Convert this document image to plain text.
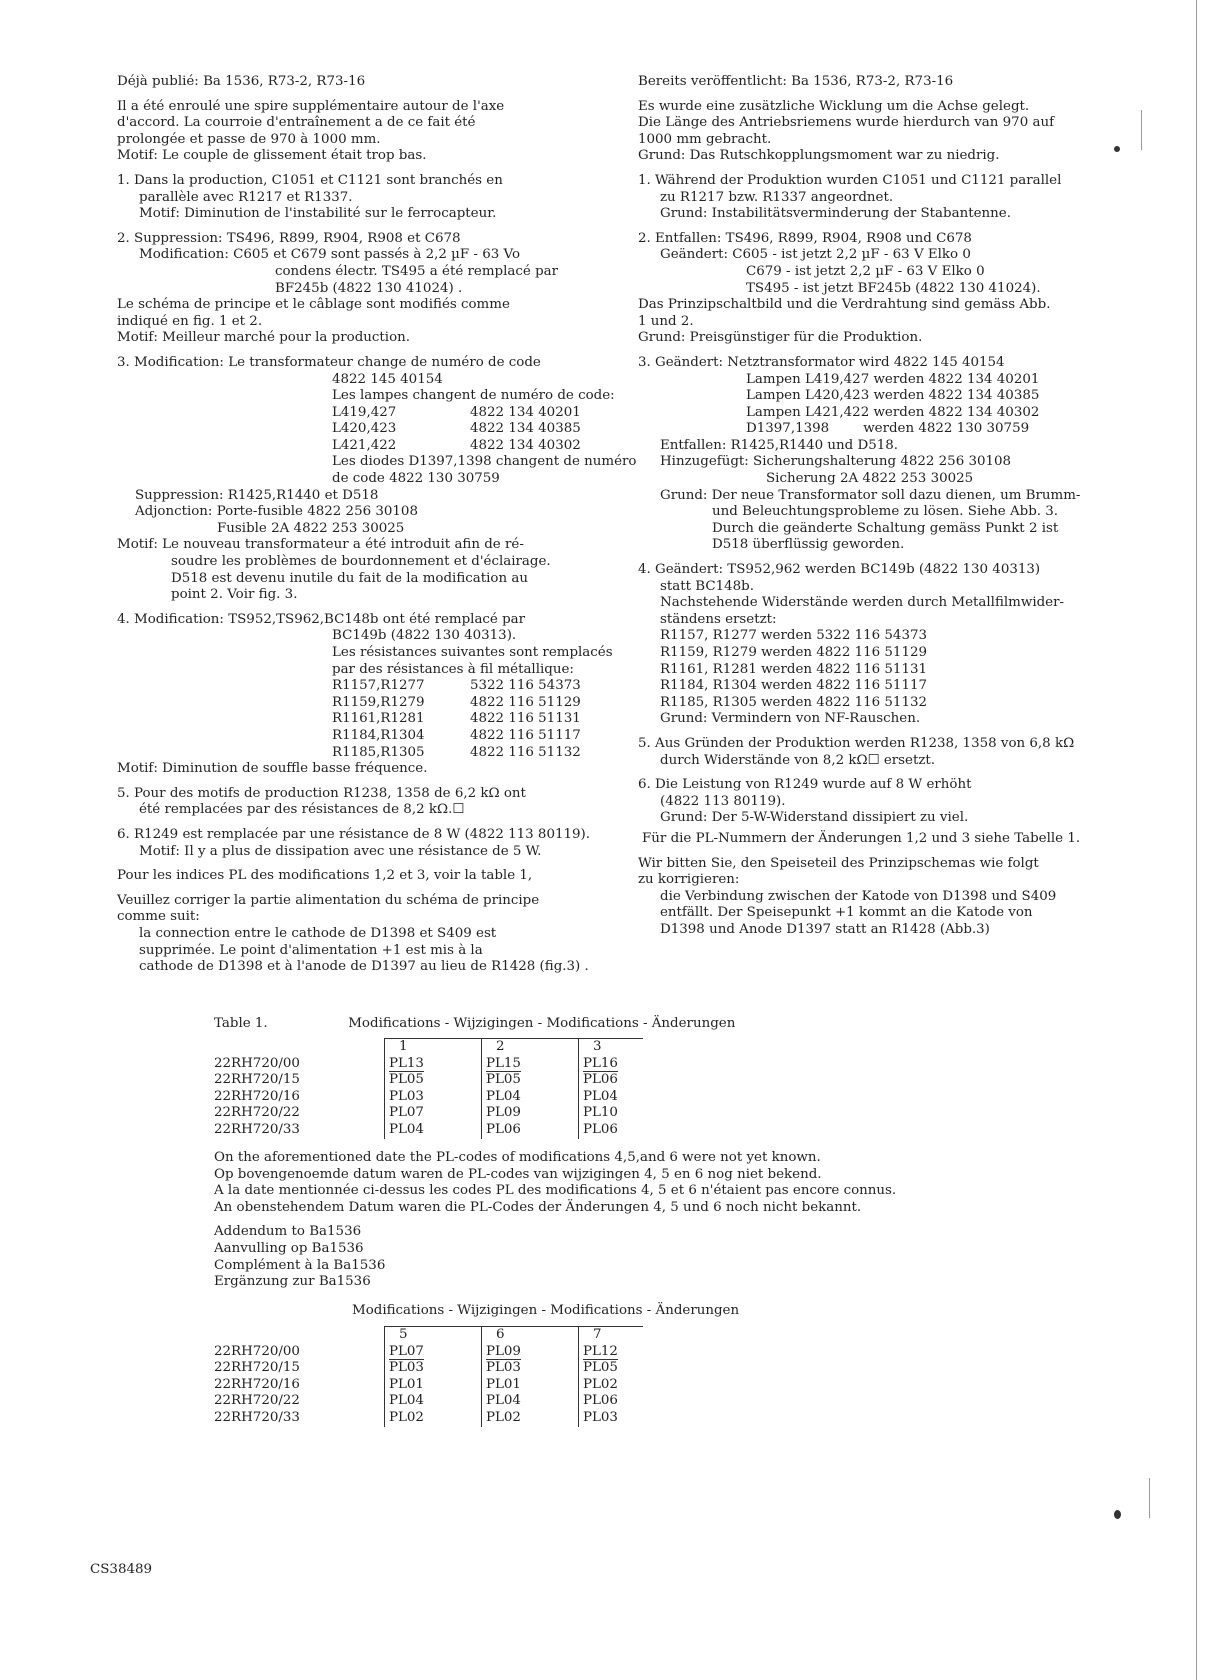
Déjà publié: Ba 1536, R73-2, R73-16

Il a été enroulé une spire supplémentaire autour de l'axe

d'accord. La courroie d'entraînement a de ce fait été

prolongée et passe de 970 à 1000 mm.

Motif: Le couple de glissement était trop bas.

1. Dans la production, C1051 et C1121 sont branchés en

parallèle avec R1217 et R1337.

Motif: Diminution de l'instabilité sur le ferrocapteur.

2. Suppression: TS496, R899, R904, R908 et C678

Modification: C605 et C679 sont passés à 2,2 µF - 63 Vo

condens électr. TS495 a été remplacé par

BF245b (4822 130 41024) .

Le schéma de principe et le câblage sont modifiés comme

indiqué en fig. 1 et 2.

Motif: Meilleur marché pour la production.

3. Modification: Le transformateur change de numéro de code

4822 145 40154

Les lampes changent de numéro de code:

L419,427	4822 134 40201

L420,423	4822 134 40385

L421,422	4822 134 40302

Les diodes D1397,1398 changent de numéro

de code 4822 130 30759

Suppression: R1425,R1440 et D518

Adjonction: Porte-fusible 4822 256 30108

Fusible 2A 4822 253 30025

Motif: Le nouveau transformateur a été introduit afin de ré-

soudre les problèmes de bourdonnement et d'éclairage.

D518 est devenu inutile du fait de la modification au

point 2. Voir fig. 3.

4. Modification: TS952,TS962,BC148b ont été remplacé par

BC149b (4822 130 40313).

Les résistances suivantes sont remplacés

par des résistances à fil métallique:

R1157,R1277	5322 116 54373

R1159,R1279	4822 116 51129

R1161,R1281	4822 116 51131

R1184,R1304	4822 116 51117

R1185,R1305	4822 116 51132

Motif: Diminution de souffle basse fréquence.

5. Pour des motifs de production R1238, 1358 de 6,2 kΩ ont

été remplacées par des résistances de 8,2 kΩ.☐

6. R1249 est remplacée par une résistance de 8 W (4822 113 80119).

Motif: Il y a plus de dissipation avec une résistance de 5 W.

Pour les indices PL des modifications 1,2 et 3, voir la table 1,

Veuillez corriger la partie alimentation du schéma de principe

comme suit:

la connection entre le cathode de D1398 et S409 est

supprimée. Le point d'alimentation +1 est mis à la

cathode de D1398 et à l'anode de D1397 au lieu de R1428 (fig.3) .

Bereits veröffentlicht: Ba 1536, R73-2, R73-16

Es wurde eine zusätzliche Wicklung um die Achse gelegt.

Die Länge des Antriebsriemens wurde hierdurch van 970 auf

1000 mm gebracht.

Grund: Das Rutschkopplungsmoment war zu niedrig.

1. Während der Produktion wurden C1051 und C1121 parallel

zu R1217 bzw. R1337 angeordnet.

Grund: Instabilitätsverminderung der Stabantenne.

2. Entfallen: TS496, R899, R904, R908 und C678

Geändert: C605 - ist jetzt 2,2 µF - 63 V Elko 0

C679 - ist jetzt 2,2 µF - 63 V Elko 0

TS495 - ist jetzt BF245b (4822 130 41024).

Das Prinzipschaltbild und die Verdrahtung sind gemäss Abb.

1 und 2.

Grund: Preisgünstiger für die Produktion.

3. Geändert: Netztransformator wird 4822 145 40154

Lampen L419,427 werden 4822 134 40201

Lampen L420,423 werden 4822 134 40385

Lampen L421,422 werden 4822 134 40302

D1397,1398        werden 4822 130 30759

Entfallen: R1425,R1440 und D518.

Hinzugefügt: Sicherungshalterung 4822 256 30108

Sicherung 2A 4822 253 30025

Grund: Der neue Transformator soll dazu dienen, um Brumm-

und Beleuchtungsprobleme zu lösen. Siehe Abb. 3.

Durch die geänderte Schaltung gemäss Punkt 2 ist

D518 überflüssig geworden.

4. Geändert: TS952,962 werden BC149b (4822 130 40313)

statt BC148b.

Nachstehende Widerstände werden durch Metallfilmwider-

ständens ersetzt:

R1157, R1277 werden 5322 116 54373

R1159, R1279 werden 4822 116 51129

R1161, R1281 werden 4822 116 51131

R1184, R1304 werden 4822 116 51117

R1185, R1305 werden 4822 116 51132

Grund: Vermindern von NF-Rauschen.

5. Aus Gründen der Produktion werden R1238, 1358 von 6,8 kΩ

durch Widerstände von 8,2 kΩ☐ ersetzt.

6. Die Leistung von R1249 wurde auf 8 W erhöht

(4822 113 80119).

Grund: Der 5-W-Widerstand dissipiert zu viel.

Für die PL-Nummern der Änderungen 1,2 und 3 siehe Tabelle 1.

Wir bitten Sie, den Speiseteil des Prinzipschemas wie folgt

zu korrigieren:

die Verbindung zwischen der Katode von D1398 und S409

entfällt. Der Speisepunkt +1 kommt an die Katode von

D1398 und Anode D1397 statt an R1428 (Abb.3)

Table 1.	Modifications - Wijzigingen - Modifications - Änderungen

	1	2	3

22RH720/00	PL13	PL15	PL16
22RH720/15	PL05	PL05	PL06
22RH720/16	PL03	PL04	PL04
22RH720/22	PL07	PL09	PL10
22RH720/33	PL04	PL06	PL06

On the aforementioned date the PL-codes of modifications 4,5,and 6 were not yet known.

Op bovengenoemde datum waren de PL-codes van wijzigingen 4, 5 en 6 nog niet bekend.

A la date mentionnée ci-dessus les codes PL des modifications 4, 5 et 6 n'étaient pas encore connus.

An obenstehendem Datum waren die PL-Codes der Änderungen 4, 5 und 6 noch nicht bekannt.

Addendum to Ba1536

Aanvulling op Ba1536

Complément à la Ba1536

Ergänzung zur Ba1536

Modifications - Wijzigingen - Modifications - Änderungen

	5	6	7

22RH720/00	PL07	PL09	PL12
22RH720/15	PL03	PL03	PL05
22RH720/16	PL01	PL01	PL02
22RH720/22	PL04	PL04	PL06
22RH720/33	PL02	PL02	PL03
CS38489
